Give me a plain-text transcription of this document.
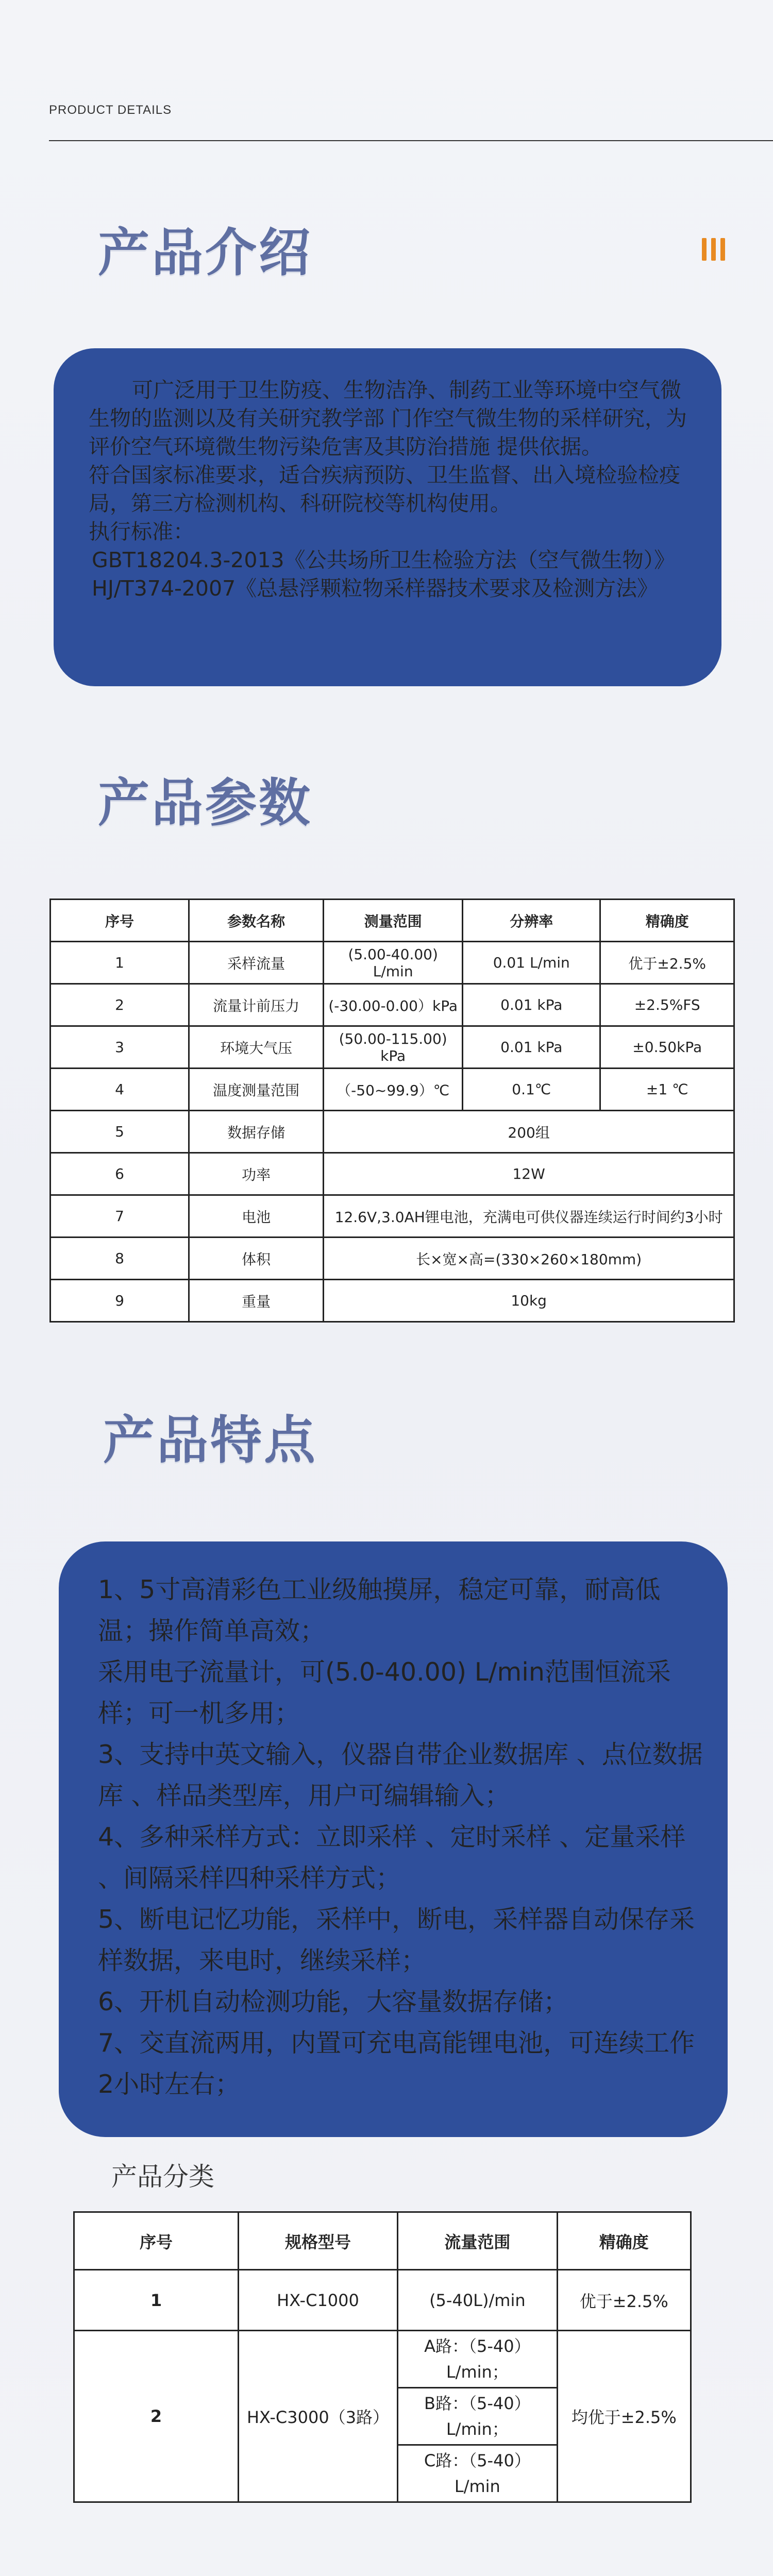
PRODUCT DETAILS
产品介绍

可广泛用于卫生防疫、生物洁净、制药工业等环境中空气微生物的监测以及有关研究教学部 门作空气微生物的采样研究，为评价空气环境微生物污染危害及其防治措施 提供依据。

符合国家标准要求，适合疾病预防、卫生监督、出入境检验检疫局，第三方检测机构、科研院校等机构使用。

执行标准：

GBT18204.3-2013《公共场所卫生检验方法（空气微生物）》

HJ/T374-2007《总悬浮颗粒物采样器技术要求及检测方法》

产品参数
序号	参数名称	测量范围	分辨率	精确度
1	采样流量	(5.00-40.00) L/min	0.01 L/min	优于±2.5%
2	流量计前压力	(-30.00-0.00）kPa	0.01 kPa	±2.5%FS
3	环境大气压	(50.00-115.00) kPa	0.01 kPa	±0.50kPa
4	温度测量范围	（-50~99.9）℃	0.1℃	±1 ℃
5	数据存储	200组		
6	功率	12W		
7	电池	12.6V,3.0AH锂电池，充满电可供仪器连续运行时间约3小时		
8	体积	长×宽×高=(330×260×180mm)		
9	重量	10kg		
产品特点

1、5寸高清彩色工业级触摸屏，稳定可靠，耐高低温；操作简单高效；

采用电子流量计，可(5.0-40.00) L/min范围恒流采样；可一机多用；

3、支持中英文输入，仪器自带企业数据库 、点位数据库 、样品类型库，用户可编辑输入；

4、多种采样方式：立即采样 、定时采样 、定量采样 、间隔采样四种采样方式；

5、断电记忆功能，采样中，断电，采样器自动保存采样数据，来电时，继续采样；

6、开机自动检测功能，大容量数据存储；

7、交直流两用，内置可充电高能锂电池，可连续工作2小时左右；

产品分类
序号	规格型号	流量范围	精确度
1	HX-C1000	(5-40L)/min	优于±2.5%
2	HX-C3000（3路）	A路：（5-40）L/min；
B路：（5-40）L/min；
C路：（5-40）L/min	均优于±2.5%
